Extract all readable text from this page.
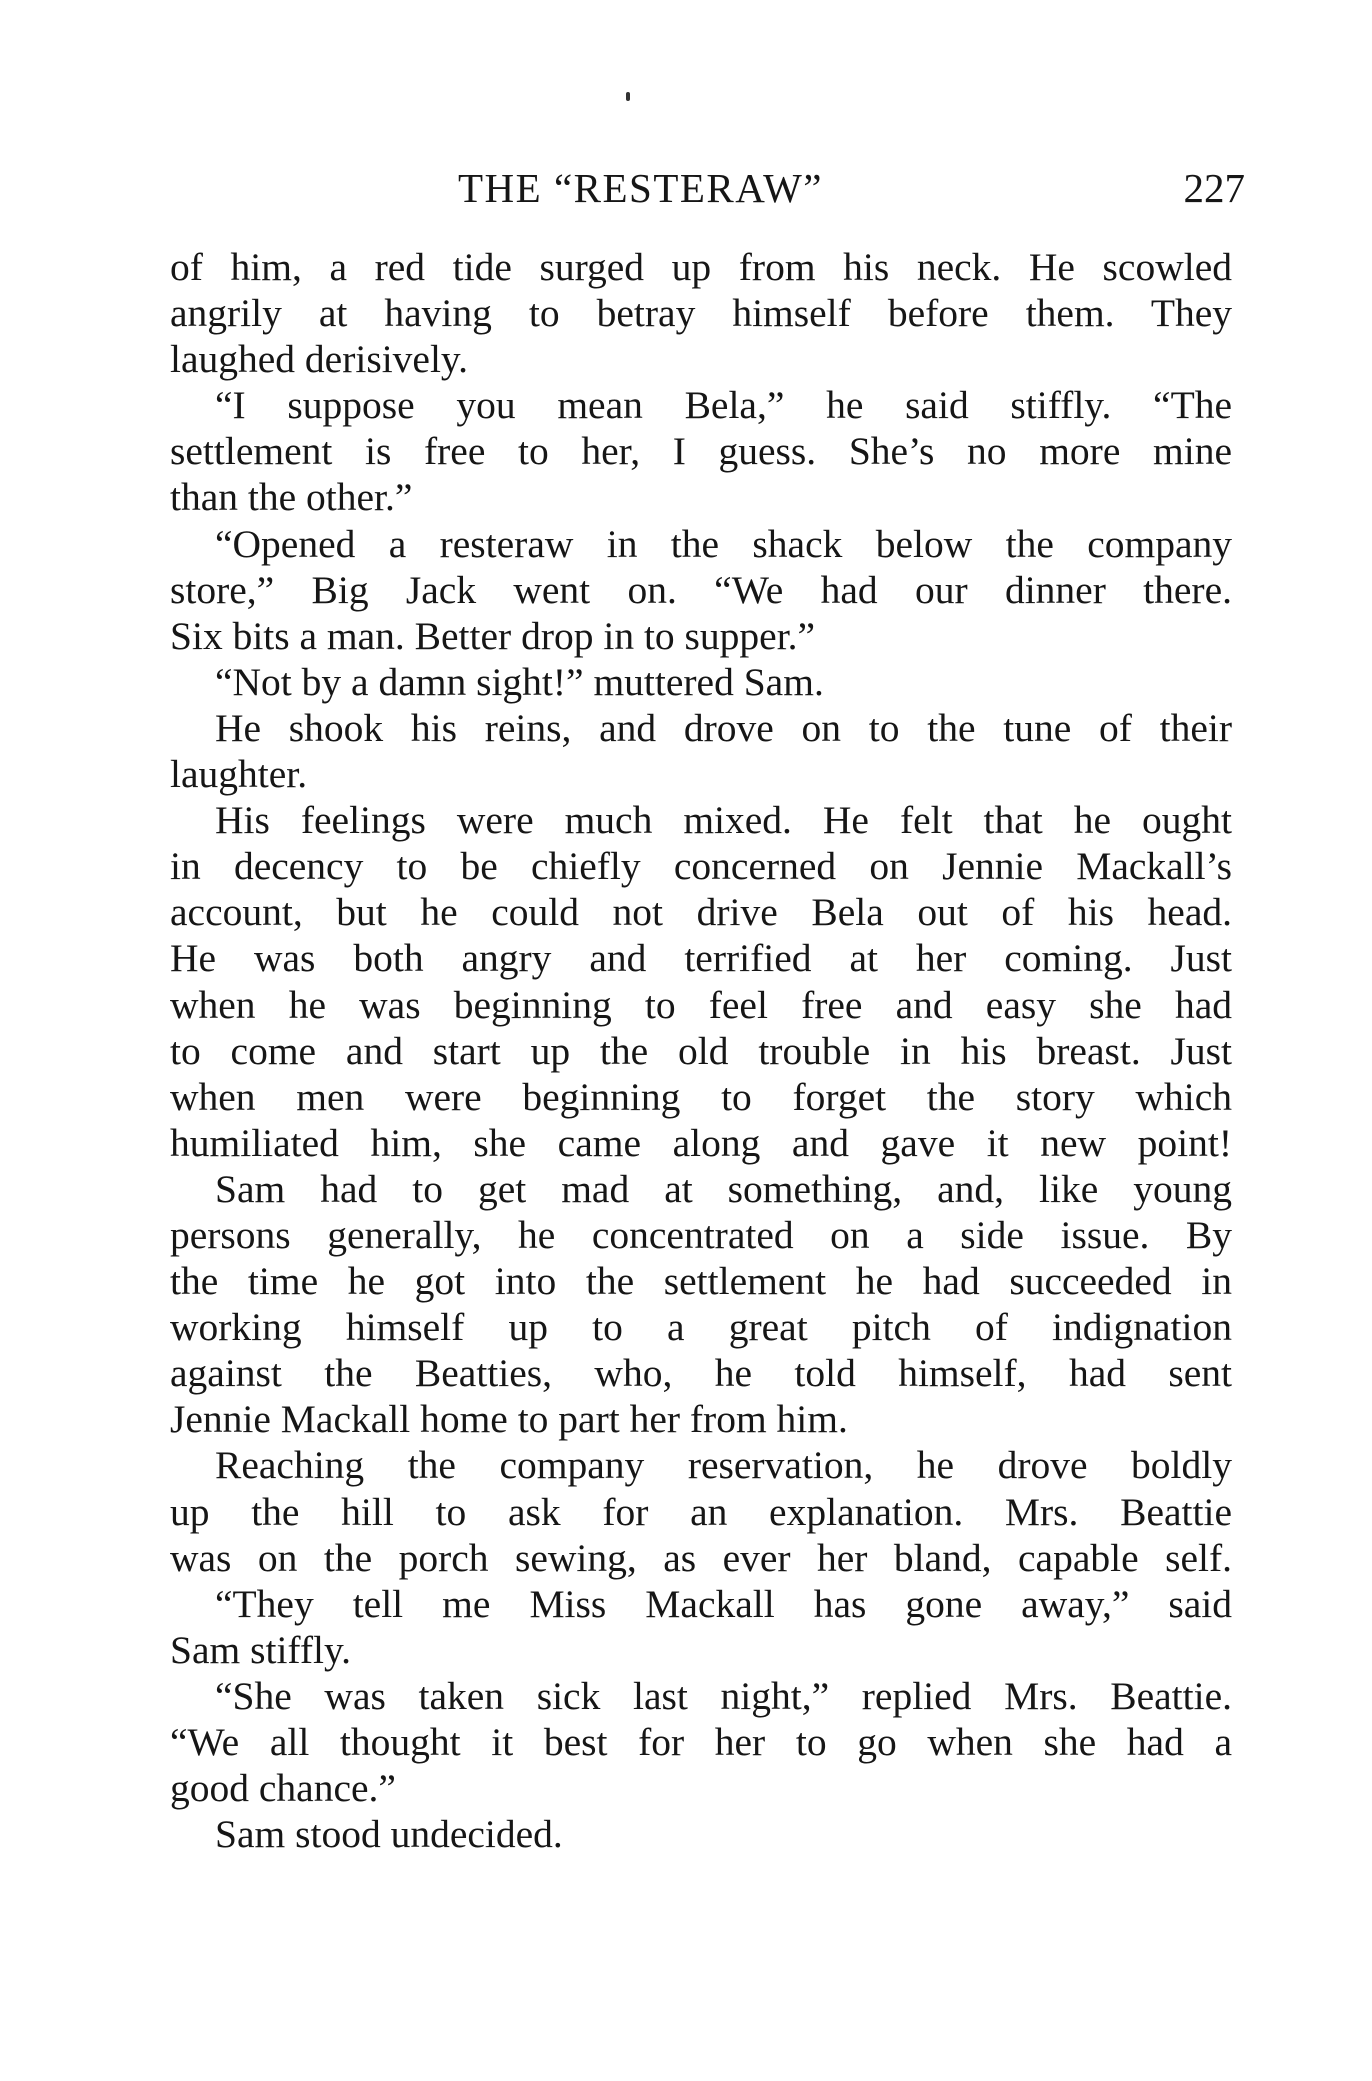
THE “RESTERAW”	227
of him, a red tide surged up from his neck. He scowled
angrily at having to betray himself before them. They
laughed derisively.
“I suppose you mean Bela,” he said stiffly. “The
settlement is free to her, I guess. She’s no more mine
than the other.”
“Opened a resteraw in the shack below the company
store,” Big Jack went on. “We had our dinner there.
Six bits a man. Better drop in to supper.”
“Not by a damn sight!” muttered Sam.
He shook his reins, and drove on to the tune of their
laughter.
His feelings were much mixed. He felt that he ought
in decency to be chiefly concerned on Jennie Mackall’s
account, but he could not drive Bela out of his head.
He was both angry and terrified at her coming. Just
when he was beginning to feel free and easy she had
to come and start up the old trouble in his breast. Just
when men were beginning to forget the story which
humiliated him, she came along and gave it new point!
Sam had to get mad at something, and, like young
persons generally, he concentrated on a side issue. By
the time he got into the settlement he had succeeded in
working himself up to a great pitch of indignation
against the Beatties, who, he told himself, had sent
Jennie Mackall home to part her from him.
Reaching the company reservation, he drove boldly
up the hill to ask for an explanation. Mrs. Beattie
was on the porch sewing, as ever her bland, capable self.
“They tell me Miss Mackall has gone away,” said
Sam stiffly.
“She was taken sick last night,” replied Mrs. Beattie.
“We all thought it best for her to go when she had a
good chance.”
Sam stood undecided.
